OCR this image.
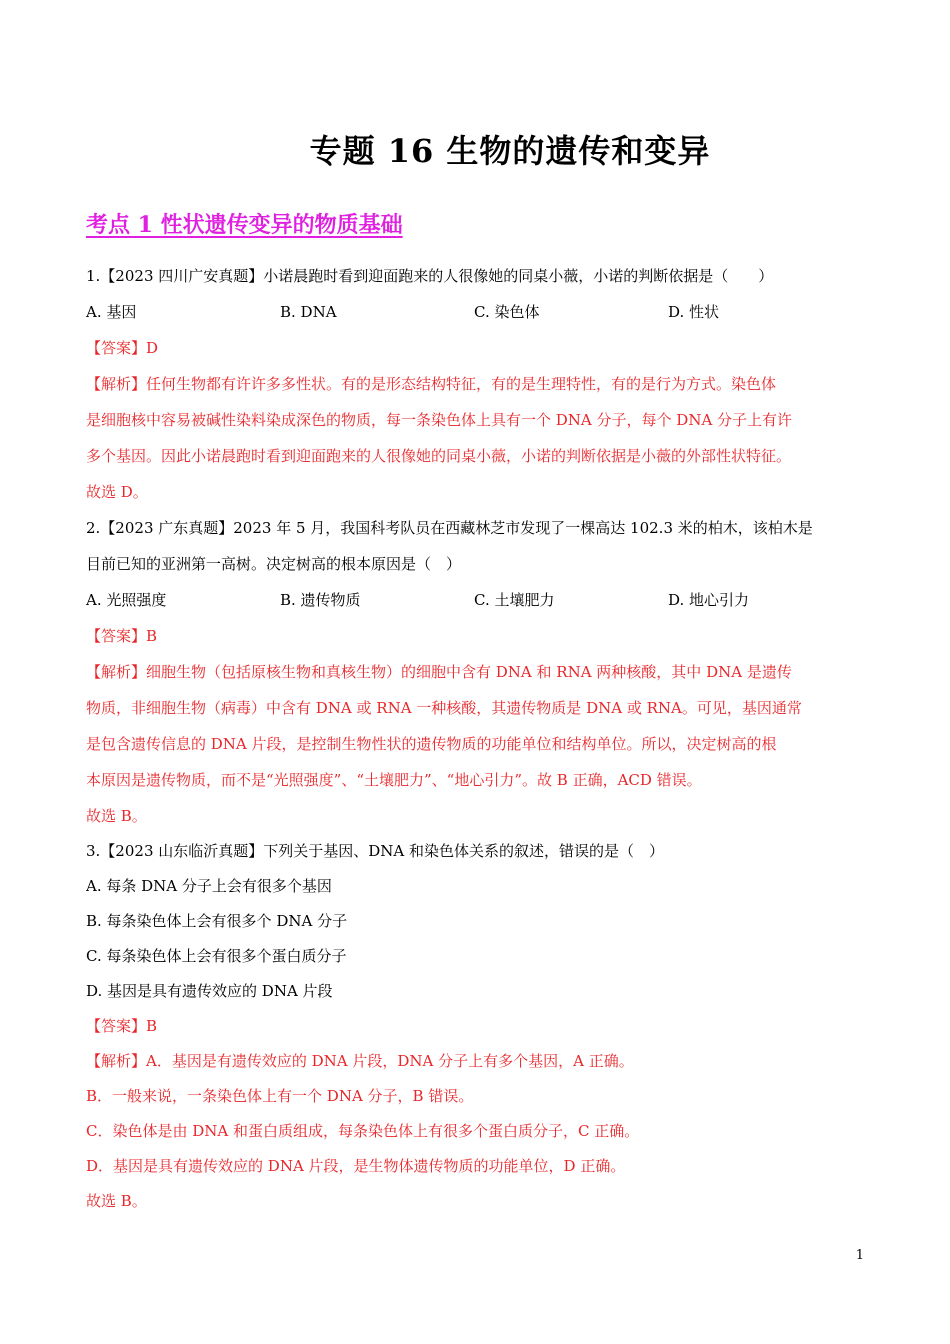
专题 16 生物的遗传和变异
考点 1 性状遗传变异的物质基础
1.【2023 四川广安真题】小诺晨跑时看到迎面跑来的人很像她的同桌小薇，小诺的判断依据是（　　）
A. 基因	B. DNA	C. 染色体	D. 性状
【答案】D
【解析】任何生物都有许许多多性状。有的是形态结构特征，有的是生理特性，有的是行为方式。染色体
是细胞核中容易被碱性染料染成深色的物质，每一条染色体上具有一个 DNA 分子，每个 DNA 分子上有许
多个基因。因此小诺晨跑时看到迎面跑来的人很像她的同桌小薇，小诺的判断依据是小薇的外部性状特征。
故选 D。
2.【2023 广东真题】2023 年 5 月，我国科考队员在西藏林芝市发现了一棵高达 102.3 米的柏木，该柏木是
目前已知的亚洲第一高树。决定树高的根本原因是（　）
A. 光照强度	B. 遗传物质	C. 土壤肥力	D. 地心引力
【答案】B
【解析】细胞生物（包括原核生物和真核生物）的细胞中含有 DNA 和 RNA 两种核酸，其中 DNA 是遗传
物质，非细胞生物（病毒）中含有 DNA 或 RNA 一种核酸，其遗传物质是 DNA 或 RNA。可见，基因通常
是包含遗传信息的 DNA 片段，是控制生物性状的遗传物质的功能单位和结构单位。所以，决定树高的根
本原因是遗传物质，而不是“光照强度”、“土壤肥力”、“地心引力”。故 B 正确，ACD 错误。
故选 B。
3.【2023 山东临沂真题】下列关于基因、DNA 和染色体关系的叙述，错误的是（　）
A. 每条 DNA 分子上会有很多个基因
B. 每条染色体上会有很多个 DNA 分子
C. 每条染色体上会有很多个蛋白质分子
D. 基因是具有遗传效应的 DNA 片段
【答案】B
【解析】A．基因是有遗传效应的 DNA 片段，DNA 分子上有多个基因，A 正确。
B．一般来说，一条染色体上有一个 DNA 分子，B 错误。
C．染色体是由 DNA 和蛋白质组成，每条染色体上有很多个蛋白质分子，C 正确。
D．基因是具有遗传效应的 DNA 片段，是生物体遗传物质的功能单位，D 正确。
故选 B。
1
